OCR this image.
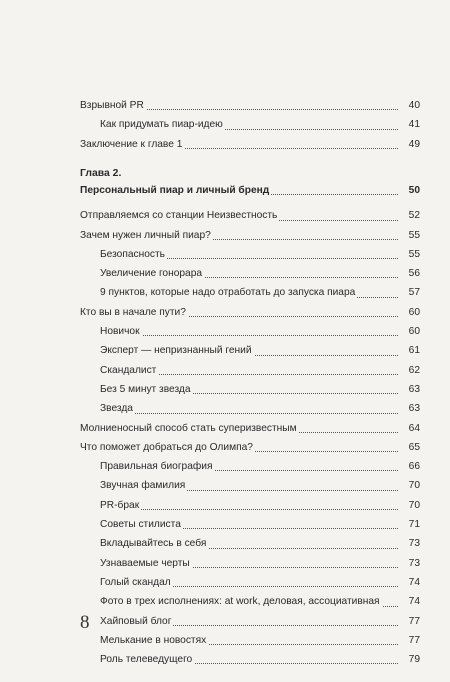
Взрывной PR	40
Как придумать пиар-идею	41
Заключение к главе 1	49
Глава 2.
Персональный пиар и личный бренд	50
Отправляемся со станции Неизвестность	52
Зачем нужен личный пиар?	55
Безопасность	55
Увеличение гонорара	56
9 пунктов, которые надо отработать до запуска пиара	57
Кто вы в начале пути?	60
Новичок	60
Эксперт — непризнанный гений	61
Скандалист	62
Без 5 минут звезда	63
Звезда	63
Молниеносный способ стать суперизвестным	64
Что поможет добраться до Олимпа?	65
Правильная биография	66
Звучная фамилия	70
PR-брак	70
Советы стилиста	71
Вкладывайтесь в себя	73
Узнаваемые черты	73
Голый скандал	74
Фото в трех исполнениях: at work, деловая, ассоциативная	74
Хайповый блог	77
Мелькание в новостях	77
Роль телеведущего	79
8
